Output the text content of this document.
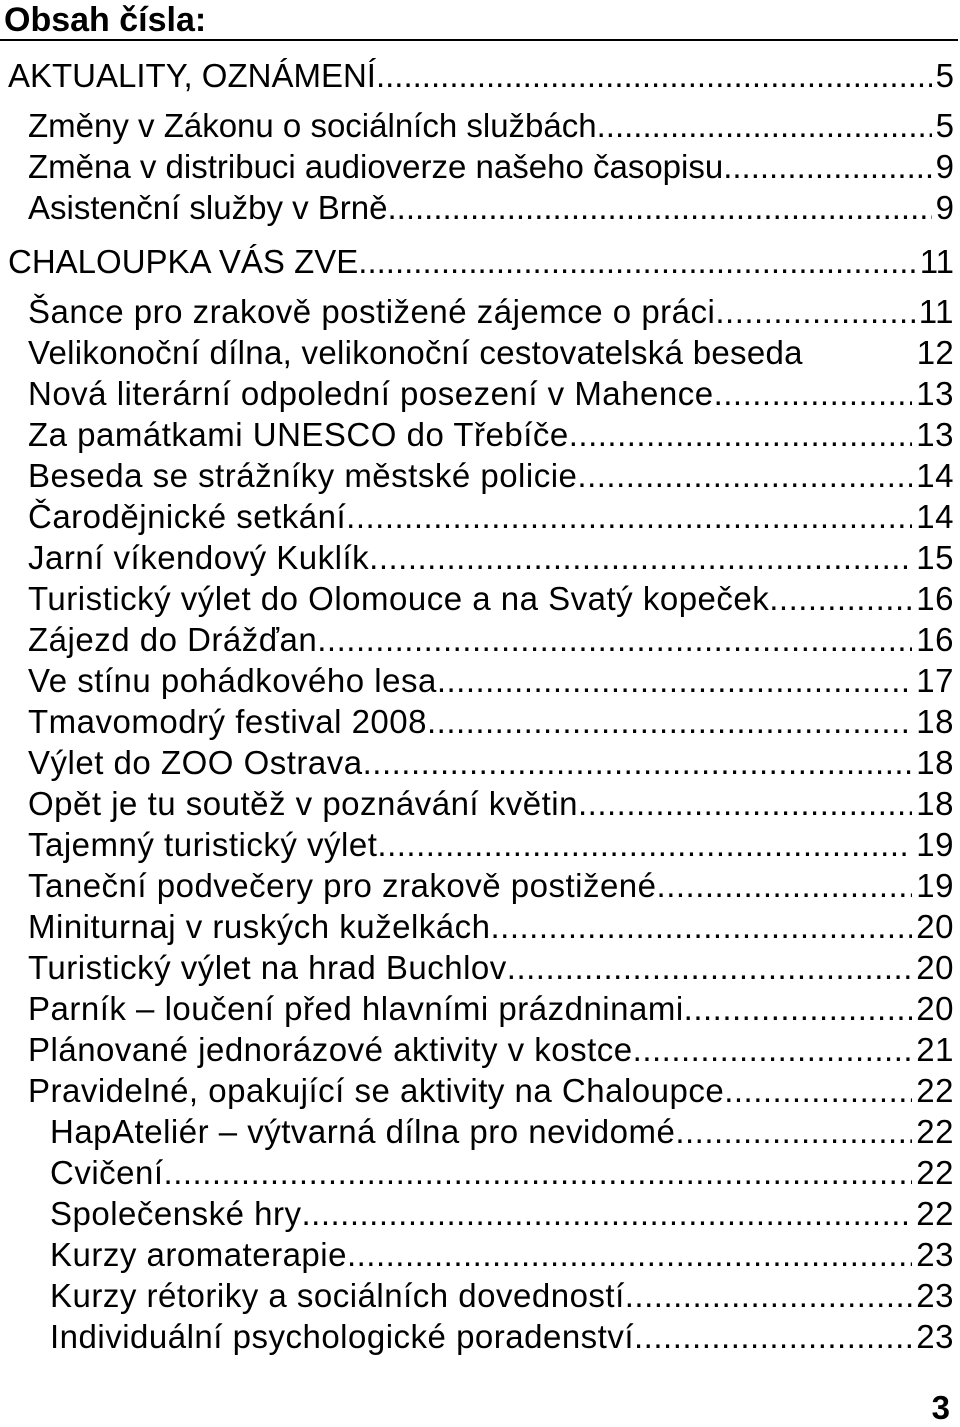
Obsah čísla:
AKTUALITY, OZNÁMENÍ .....	5
Změny v Zákonu o sociálních službách .....	5
Změna v distribuci audioverze našeho časopisu .....	9
Asistenční služby v Brně .....	9
CHALOUPKA VÁS ZVE .....	11
Šance pro zrakově postižené zájemce o práci .....	11
Velikonoční dílna, velikonoční cestovatelská beseda	12
Nová literární odpolední posezení v Mahence .....	13
Za památkami UNESCO do Třebíče .....	13
Beseda se strážníky městské policie .....	14
Čarodějnické setkání .....	14
Jarní víkendový Kuklík .....	15
Turistický výlet do Olomouce a na Svatý kopeček .....	16
Zájezd do Drážďan .....	16
Ve stínu pohádkového lesa .....	17
Tmavomodrý festival 2008 .....	18
Výlet do ZOO Ostrava .....	18
Opět je tu soutěž v poznávání květin .....	18
Tajemný turistický výlet .....	19
Taneční podvečery pro zrakově postižené .....	19
Miniturnaj v ruských kuželkách .....	20
Turistický výlet na hrad Buchlov .....	20
Parník – loučení před hlavními prázdninami .....	20
Plánované jednorázové aktivity v kostce .....	21
Pravidelné, opakující se aktivity na Chaloupce .....	22
HapAteliér – výtvarná dílna pro nevidomé .....	22
Cvičení .....	22
Společenské hry .....	22
Kurzy aromaterapie .....	23
Kurzy rétoriky a sociálních dovedností .....	23
Individuální psychologické poradenství .....	23
3
